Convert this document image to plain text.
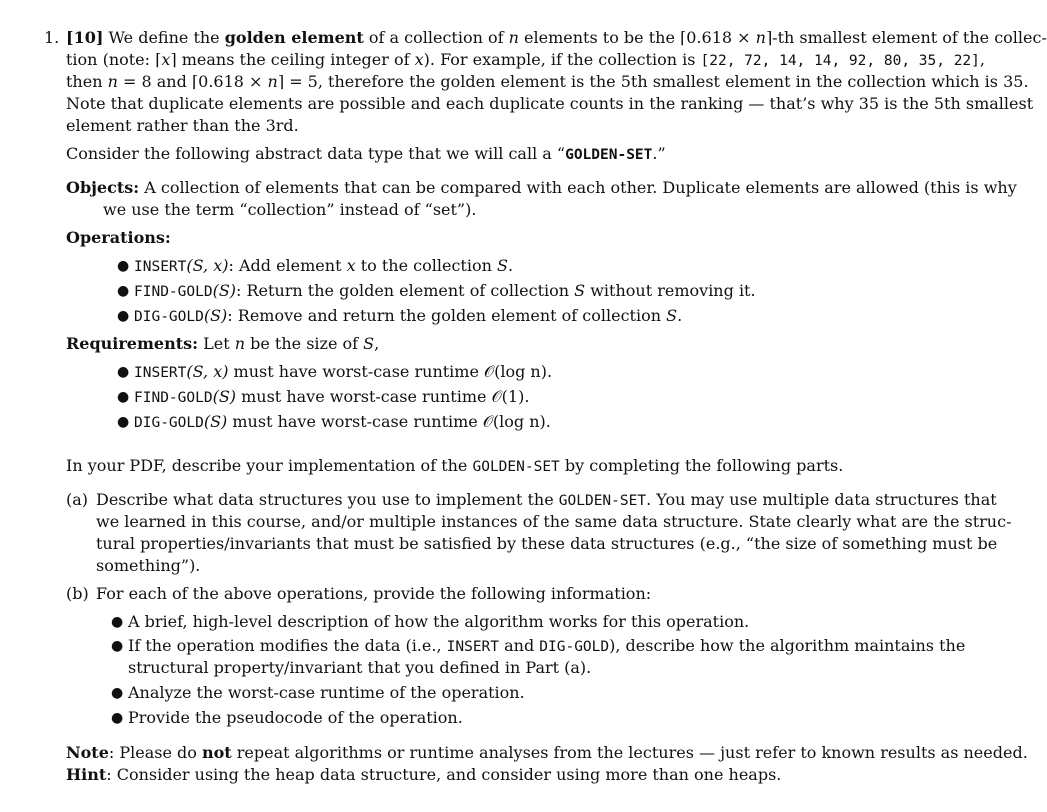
1. [10] We define the golden element of a collection of n elements to be the ⌈0.618 × n⌉-th smallest element of the collec-
tion (note: ⌈x⌉ means the ceiling integer of x). For example, if the collection is [22, 72, 14, 14, 92, 80, 35, 22],
then n = 8 and ⌈0.618 × n⌉ = 5, therefore the golden element is the 5th smallest element in the collection which is 35.
Note that duplicate elements are possible and each duplicate counts in the ranking — that’s why 35 is the 5th smallest
element rather than the 3rd.
Consider the following abstract data type that we will call a “GOLDEN-SET.”
Objects: A collection of elements that can be compared with each other. Duplicate elements are allowed (this is why
we use the term “collection” instead of “set”).
Operations:
● INSERT(S, x): Add element x to the collection S.
● FIND-GOLD(S): Return the golden element of collection S without removing it.
● DIG-GOLD(S): Remove and return the golden element of collection S.
Requirements: Let n be the size of S,
● INSERT(S, x) must have worst-case runtime 𝒪(log n).
● FIND-GOLD(S) must have worst-case runtime 𝒪(1).
● DIG-GOLD(S) must have worst-case runtime 𝒪(log n).
In your PDF, describe your implementation of the GOLDEN-SET by completing the following parts.
(a) Describe what data structures you use to implement the GOLDEN-SET. You may use multiple data structures that
we learned in this course, and/or multiple instances of the same data structure. State clearly what are the struc-
tural properties/invariants that must be satisfied by these data structures (e.g., “the size of something must be
something”).
(b) For each of the above operations, provide the following information:
● A brief, high-level description of how the algorithm works for this operation.
● If the operation modifies the data (i.e., INSERT and DIG-GOLD), describe how the algorithm maintains the
structural property/invariant that you defined in Part (a).
● Analyze the worst-case runtime of the operation.
● Provide the pseudocode of the operation.
Note: Please do not repeat algorithms or runtime analyses from the lectures — just refer to known results as needed.
Hint: Consider using the heap data structure, and consider using more than one heaps.
